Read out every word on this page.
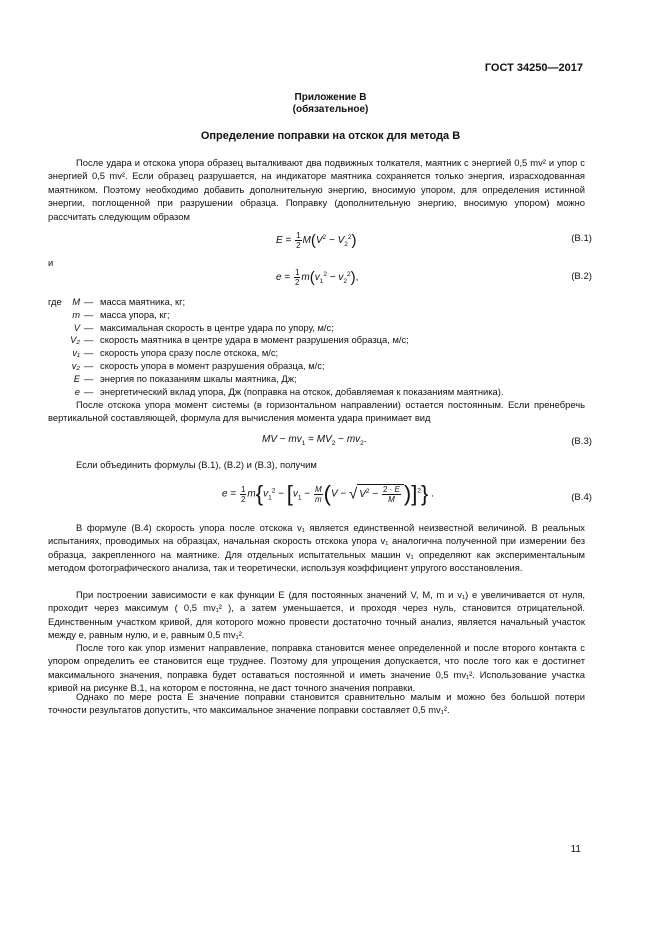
ГОСТ 34250—2017
Приложение В
(обязательное)
Определение поправки на отскок для метода В
После удара и отскока упора образец выталкивают два подвижных толкателя, маятник с энергией 0,5 mv² и упор с энергией 0,5 mv². Если образец разрушается, на индикаторе маятника сохраняется только энергия, израсходованная маятником. Поэтому необходимо добавить дополнительную энергию, вносимую упором, для определения истинной энергии, поглощенной при разрушении образца. Поправку (дополнительную энергию, вносимую упором) можно рассчитать следующим образом
$E = \frac{1}{2} M(V^2 - V_2^2)$	(В.1)
и
$e = \frac{1}{2} m(v_1^2 - v_2^2)$,	(В.2)
где	M — масса маятника, кг;
m — масса упора, кг;
V — максимальная скорость в центре удара по упору, м/с;
V₂ — скорость маятника в центре удара в момент разрушения образца, м/с;
v₁ — скорость упора сразу после отскока, м/с;
v₂ — скорость упора в момент разрушения образца, м/с;
E — энергия по показаниям шкалы маятника, Дж;
e — энергетический вклад упора, Дж (поправка на отскок, добавляемая к показаниям маятника).
После отскока упора момент системы (в горизонтальном направлении) остается постоянным. Если пренебречь вертикальной составляющей, формула для вычисления момента удара принимает вид
MV − $mv_1 = MV_2 - mv_2$.	(В.3)
Если объединить формулы (В.1), (В.2) и (В.3), получим
$e = \frac{1}{2} m\{v_1^2 - [v_1 - \frac{M}{m} (V$ − √ $V^2 - \frac{2 \cdot E}{M} )]^2$} .	(В.4)
В формуле (В.4) скорость упора после отскока v₁ является единственной неизвестной величиной. В реальных испытаниях, проводимых на образцах, начальная скорость отскока упора v₁ аналогична полученной при измерении без образца, закрепленного на маятнике. Для отдельных испытательных машин v₁ определяют как экспериментальным методом фотографического анализа, так и теоретически, используя коэффициент упругого восстановления.
При построении зависимости e как функции E (для постоянных значений V, M, m и v₁) e увеличивается от нуля, проходит через максимум ( 0,5 mv₁² ), а затем уменьшается, и проходя через нуль, становится отрицательной. Единственным участком кривой, для которого можно провести достаточно точный анализ, является начальный участок между e, равным нулю, и e, равным 0,5 mv₁².
После того как упор изменит направление, поправка становится менее определенной и после второго контакта с упором определить ее становится еще труднее. Поэтому для упрощения допускается, что после того как e достигнет максимального значения, поправка будет оставаться постоянной и иметь значение 0,5 mv₁². Использование участка кривой на рисунке В.1, на котором e постоянна, не даст точного значения поправки.
Однако по мере роста E значение поправки становится сравнительно малым и можно без большой потери точности результатов допустить, что максимальное значение поправки составляет 0,5 mv₁².
11
